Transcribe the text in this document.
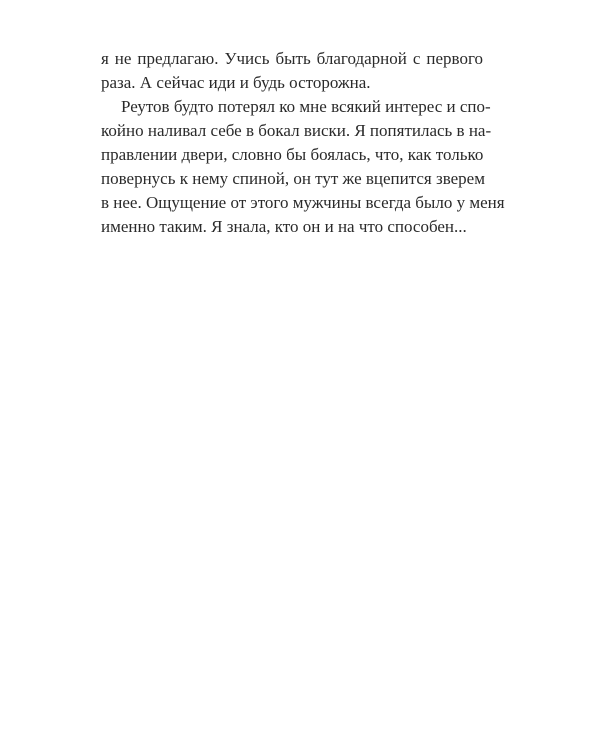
я не предлагаю. Учись быть благодарной с первого
раза. А сейчас иди и будь осторожна.
Реутов будто потерял ко мне всякий интерес и спо-
койно наливал себе в бокал виски. Я попятилась в на-
правлении двери, словно бы боялась, что, как только
повернусь к нему спиной, он тут же вцепится зверем
в нее. Ощущение от этого мужчины всегда было у меня
именно таким. Я знала, кто он и на что способен...
